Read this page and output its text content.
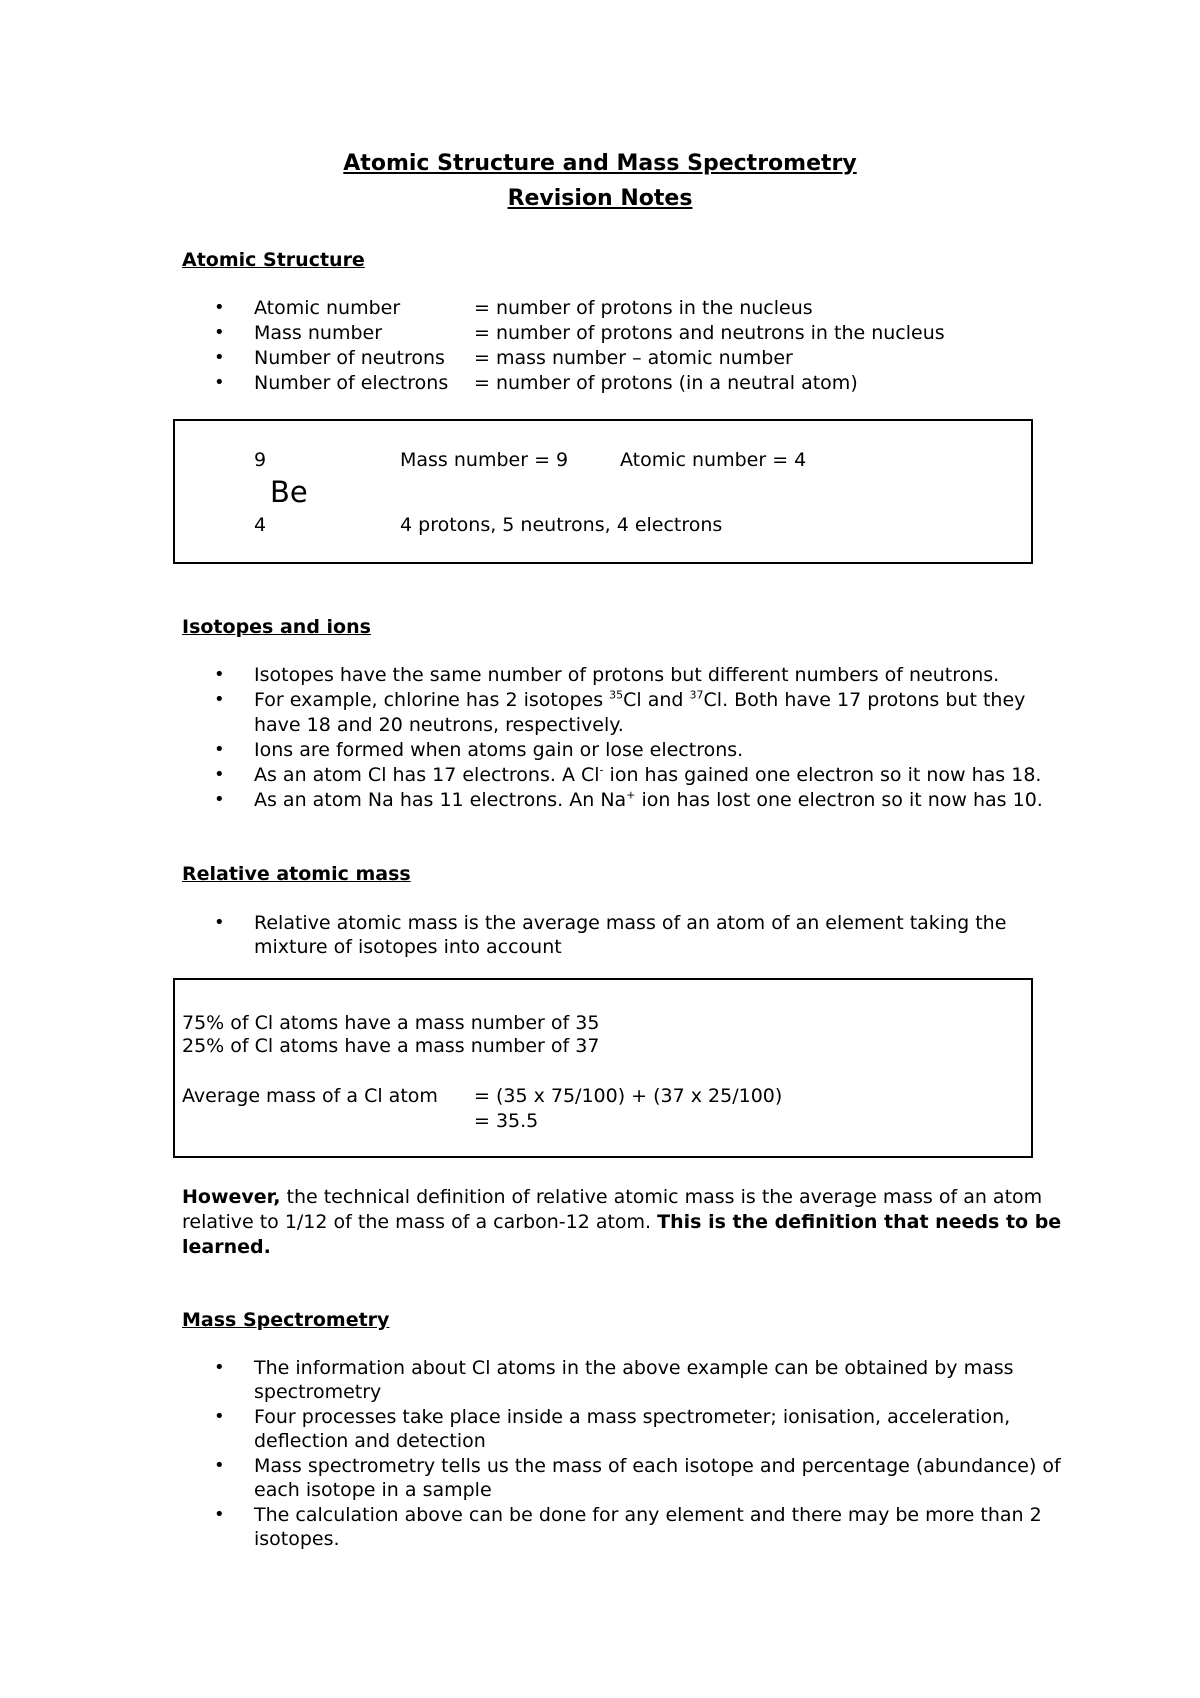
Atomic Structure and Mass Spectrometry
Revision Notes
Atomic Structure
• Atomic number	= number of protons in the nucleus
• Mass number	= number of protons and neutrons in the nucleus
• Number of neutrons = mass number – atomic number
• Number of electrons = number of protons (in a neutral atom)
9
Be
4
Mass number = 9	Atomic number = 4
4 protons, 5 neutrons, 4 electrons
Isotopes and ions
• Isotopes have the same number of protons but different numbers of neutrons.
• For example, chlorine has 2 isotopes $^{35}$Cl and $^{37}$Cl. Both have 17 protons but they
have 18 and 20 neutrons, respectively.
• Ions are formed when atoms gain or lose electrons.
• As an atom Cl has 17 electrons. A Cl- ion has gained one electron so it now has 18.
• As an atom Na has 11 electrons. An Na+ ion has lost one electron so it now has 10.
Relative atomic mass
• Relative atomic mass is the average mass of an atom of an element taking the
mixture of isotopes into account
75% of Cl atoms have a mass number of 35
25% of Cl atoms have a mass number of 37
Average mass of a Cl atom = (35 x 75/100) + (37 x 25/100)
= 35.5
However, the technical definition of relative atomic mass is the average mass of an atom
relative to 1/12 of the mass of a carbon-12 atom. This is the definition that needs to be
learned.
Mass Spectrometry
• The information about Cl atoms in the above example can be obtained by mass
spectrometry
• Four processes take place inside a mass spectrometer; ionisation, acceleration,
deflection and detection
• Mass spectrometry tells us the mass of each isotope and percentage (abundance) of
each isotope in a sample
• The calculation above can be done for any element and there may be more than 2
isotopes.
